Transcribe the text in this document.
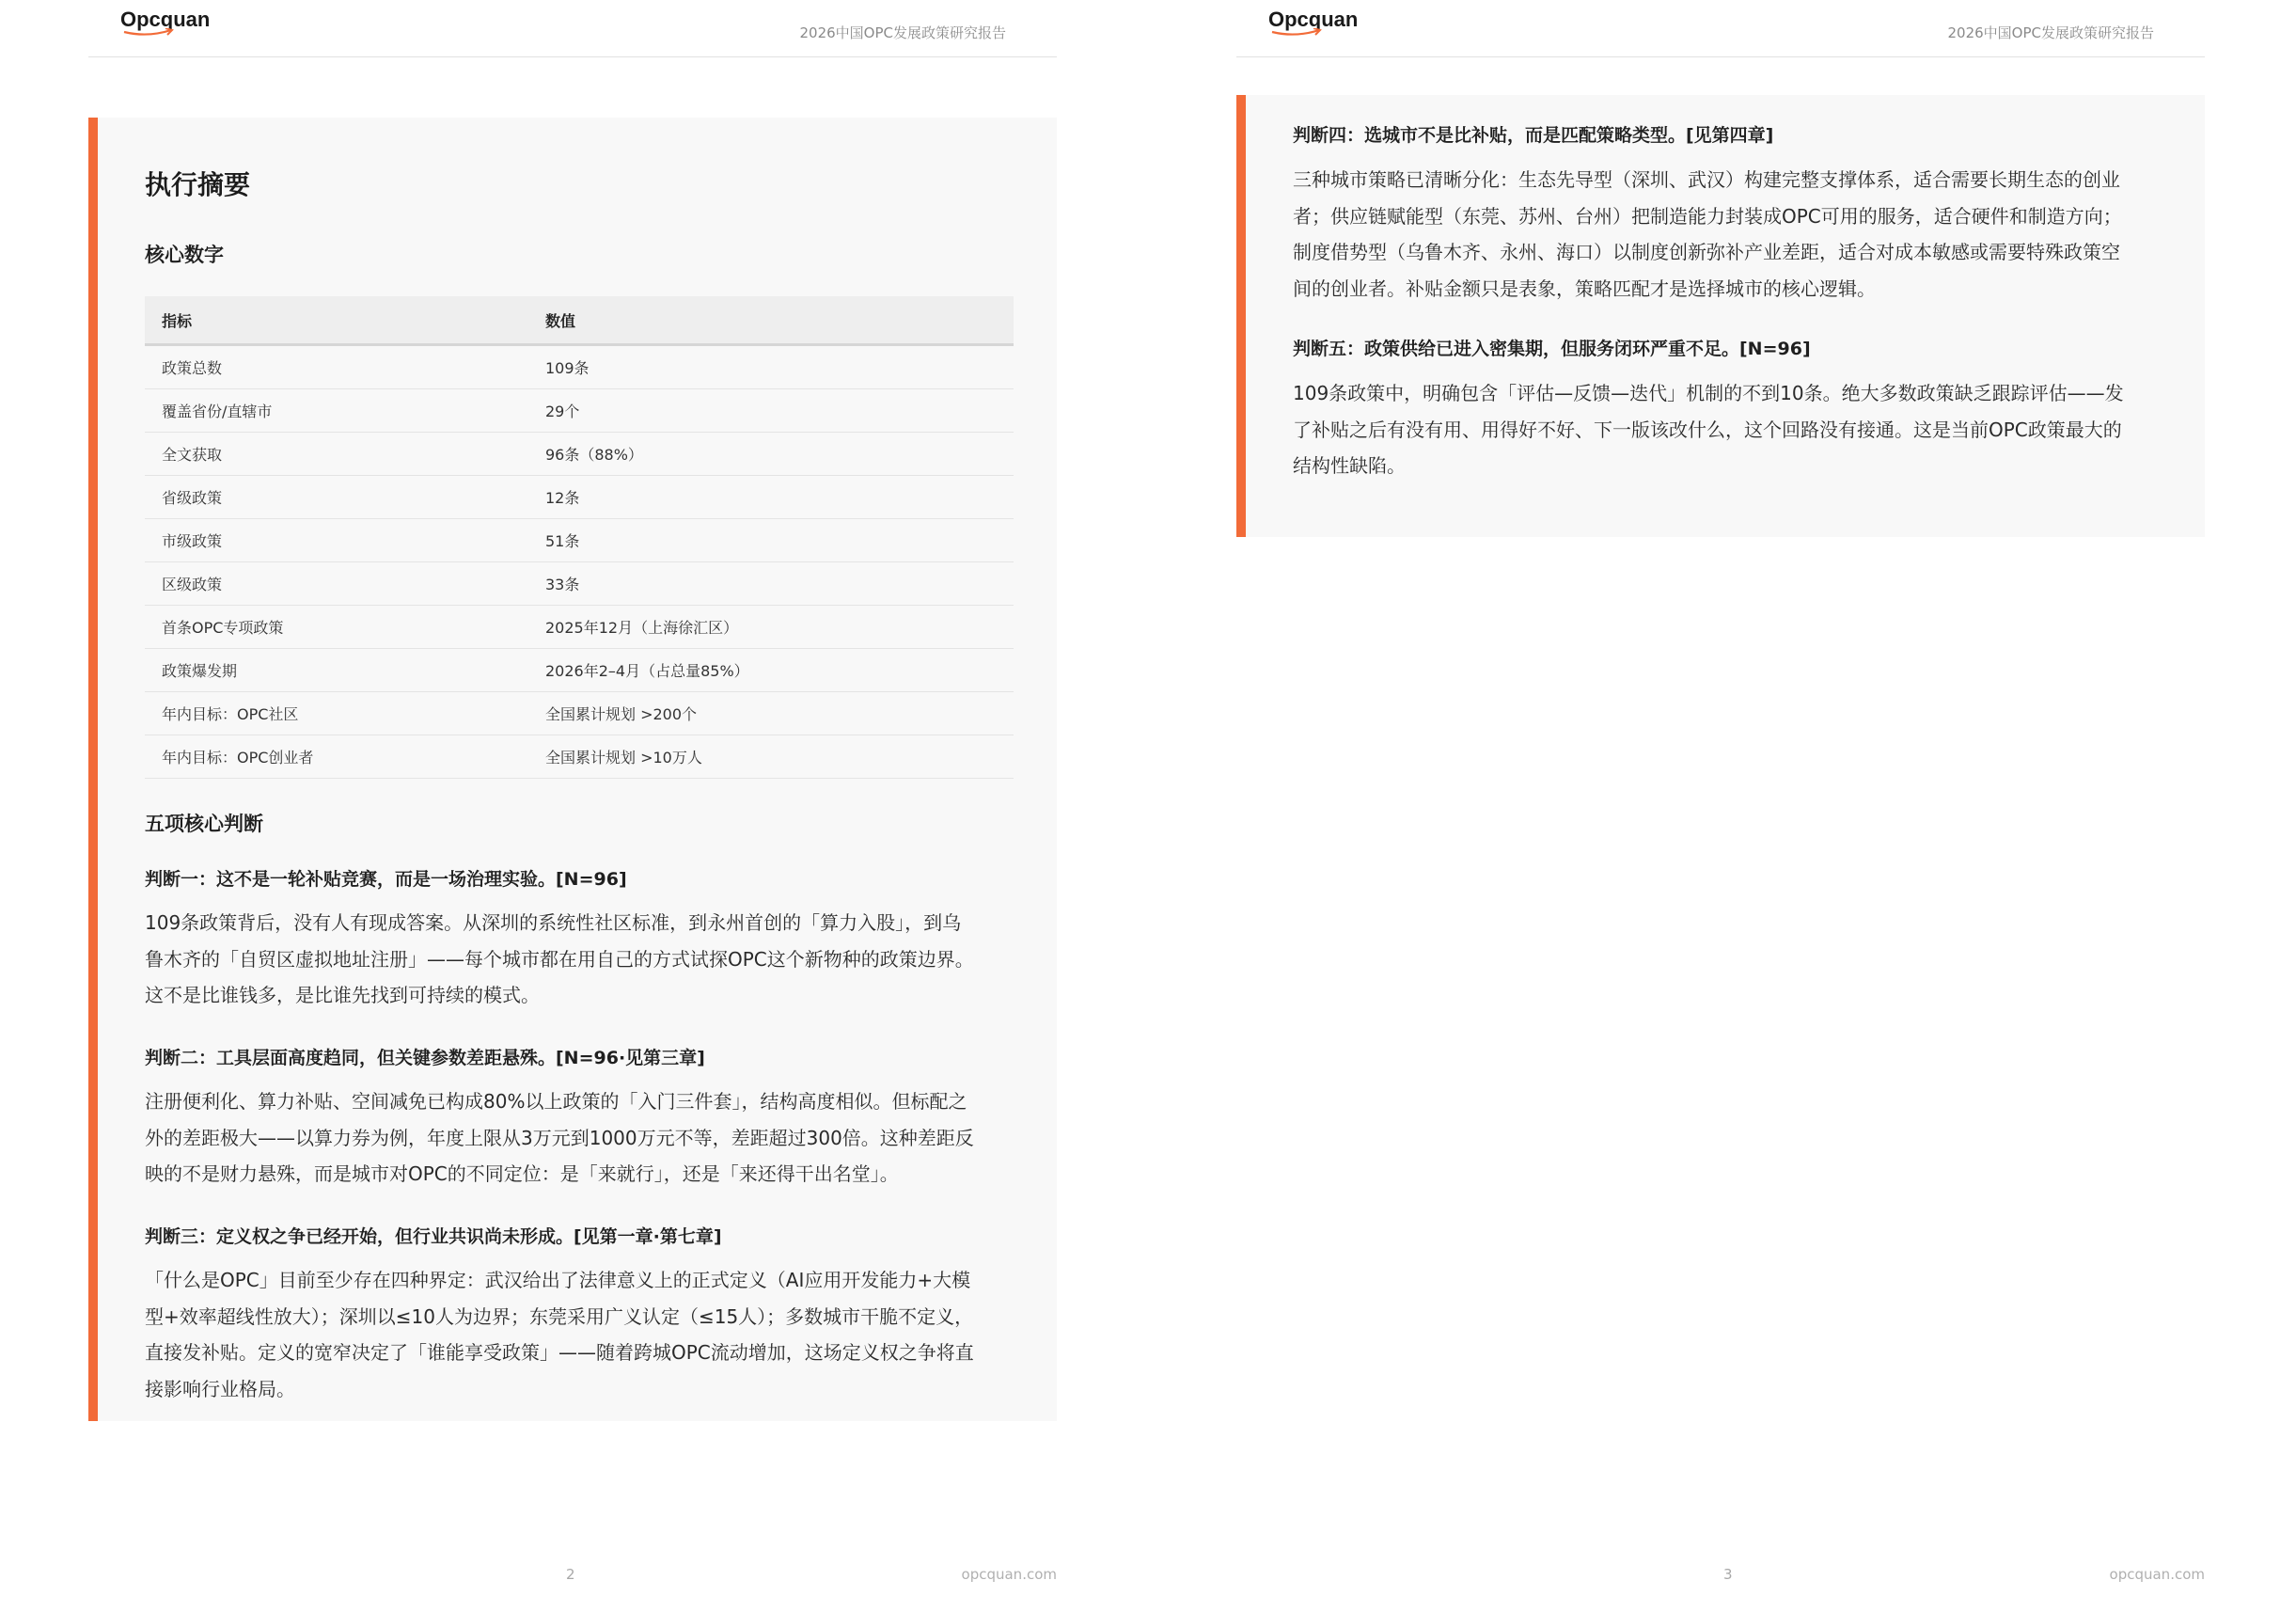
Opcquan
2026中国OPC发展政策研究报告
执行摘要
核心数字
指标	数值
政策总数	109条
覆盖省份/直辖市	29个
全文获取	96条（88%）
省级政策	12条
市级政策	51条
区级政策	33条
首条OPC专项政策	2025年12月（上海徐汇区）
政策爆发期	2026年2–4月（占总量85%）
年内目标：OPC社区	全国累计规划 >200个
年内目标：OPC创业者	全国累计规划 >10万人
五项核心判断
判断一：这不是一轮补贴竞赛，而是一场治理实验。[N=96]

109条政策背后，没有人有现成答案。从深圳的系统性社区标准，到永州首创的「算力入股」，到乌
鲁木齐的「自贸区虚拟地址注册」——每个城市都在用自己的方式试探OPC这个新物种的政策边界。
这不是比谁钱多，是比谁先找到可持续的模式。

判断二：工具层面高度趋同，但关键参数差距悬殊。[N=96·见第三章]

注册便利化、算力补贴、空间减免已构成80%以上政策的「入门三件套」，结构高度相似。但标配之
外的差距极大——以算力券为例，年度上限从3万元到1000万元不等，差距超过300倍。这种差距反
映的不是财力悬殊，而是城市对OPC的不同定位：是「来就行」，还是「来还得干出名堂」。

判断三：定义权之争已经开始，但行业共识尚未形成。[见第一章·第七章]

「什么是OPC」目前至少存在四种界定：武汉给出了法律意义上的正式定义（AI应用开发能力+大模
型+效率超线性放大）；深圳以≤10人为边界；东莞采用广义认定（≤15人）；多数城市干脆不定义，
直接发补贴。定义的宽窄决定了「谁能享受政策」——随着跨城OPC流动增加，这场定义权之争将直
接影响行业格局。

2	opcquan.com
Opcquan
2026中国OPC发展政策研究报告
判断四：选城市不是比补贴，而是匹配策略类型。[见第四章]

三种城市策略已清晰分化：生态先导型（深圳、武汉）构建完整支撑体系，适合需要长期生态的创业
者；供应链赋能型（东莞、苏州、台州）把制造能力封装成OPC可用的服务，适合硬件和制造方向；
制度借势型（乌鲁木齐、永州、海口）以制度创新弥补产业差距，适合对成本敏感或需要特殊政策空
间的创业者。补贴金额只是表象，策略匹配才是选择城市的核心逻辑。

判断五：政策供给已进入密集期，但服务闭环严重不足。[N=96]

109条政策中，明确包含「评估—反馈—迭代」机制的不到10条。绝大多数政策缺乏跟踪评估——发
了补贴之后有没有用、用得好不好、下一版该改什么，这个回路没有接通。这是当前OPC政策最大的
结构性缺陷。

3	opcquan.com
